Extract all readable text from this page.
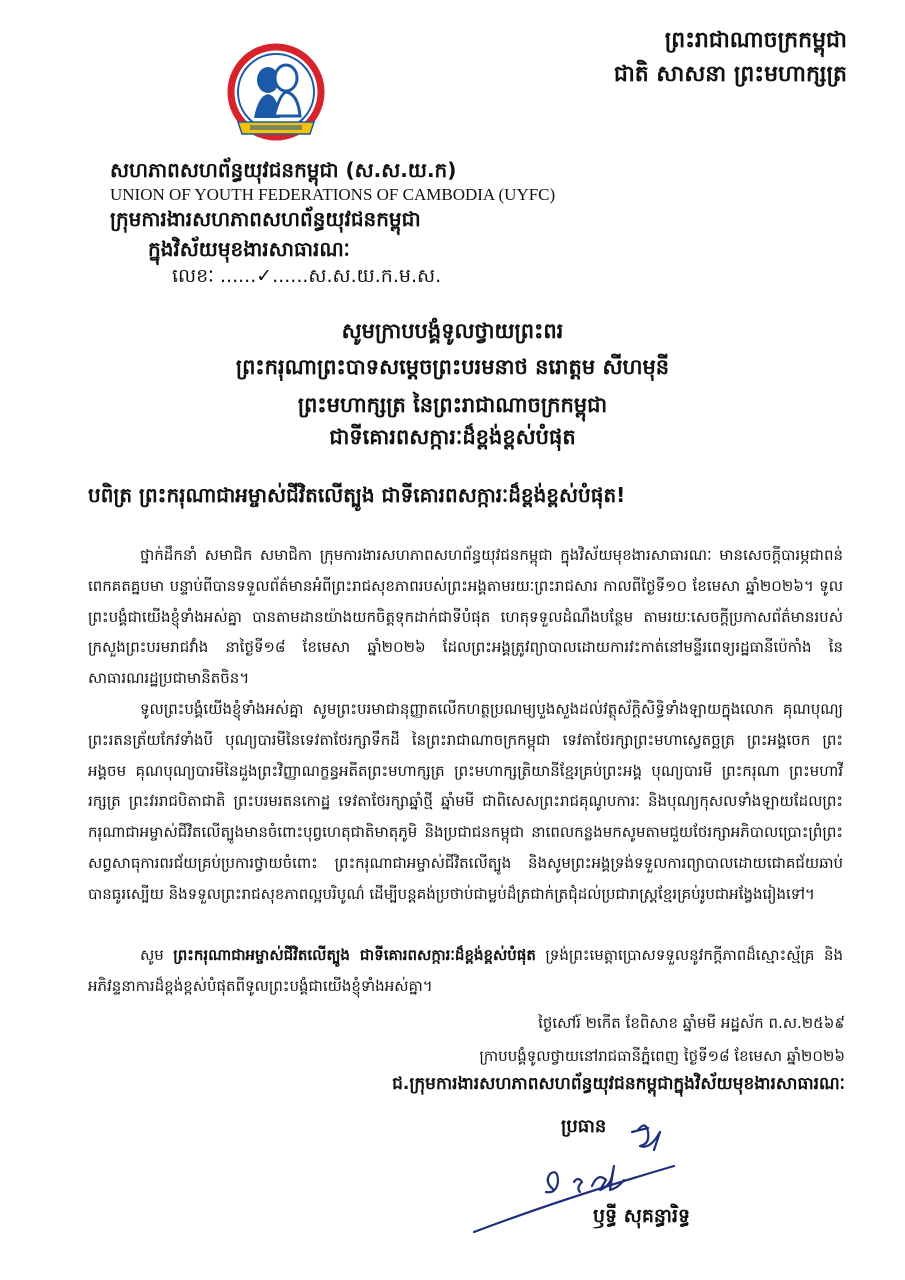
ព្រះរាជាណាចក្រកម្ពុជា
ជាតិ សាសនា ព្រះមហាក្សត្រ
សហភាពសហព័ន្ធយុវជនកម្ពុជា (ស.ស.យ.ក)
UNION OF YOUTH FEDERATIONS OF CAMBODIA (UYFC)
ក្រុមការងារសហភាពសហព័ន្ធយុវជនកម្ពុជា
ក្នុងវិស័យមុខងារសាធារណៈ
លេខៈ ......✓......ស.ស.យ.ក.ម.ស.
សូមក្រាបបង្គំទូលថ្វាយព្រះពរ
ព្រះករុណាព្រះបាទសម្តេចព្រះបរមនាថ នរោត្តម សីហមុនី
ព្រះមហាក្សត្រ នៃព្រះរាជាណាចក្រកម្ពុជា
ជាទីគោរពសក្ការៈដ៏ខ្ពង់ខ្ពស់បំផុត
បពិត្រ ព្រះករុណាជាអម្ចាស់ជីវិតលើត្បូង ជាទីគោរពសក្ការៈដ៏ខ្ពង់ខ្ពស់បំផុត!
ថ្នាក់ដឹកនាំ សមាជិក សមាជិកា ក្រុមការងារសហភាពសហព័ន្ធយុវជនកម្ពុជា ក្នុងវិស័យមុខងារសាធារណៈ មានសេចក្តីបារម្ភជាពន់ពេកគតគ្នបមា បន្ទាប់ពីបានទទួលព័ត៌មានអំពីព្រះរាជសុខភាពរបស់ព្រះអង្គតាមរយៈព្រះរាជសារ កាលពីថ្ងៃទី១០ ខែមេសា ឆ្នាំ២០២៦។ ទូលព្រះបង្គំជាយើងខ្ញុំទាំងអស់គ្នា បានតាមដានយ៉ាងយកចិត្តទុកដាក់ជាទីបំផុត ហេតុទទួលដំណឹងបន្ថែម តាមរយៈសេចក្តីប្រកាសព័ត៌មានរបស់ក្រសួងព្រះបរមរាជវាំង នាថ្ងៃទី១៨ ខែមេសា ឆ្នាំ២០២៦ ដែលព្រះអង្គត្រូវព្យាបាលដោយការវះកាត់នៅមន្ទីរពេទ្យរដ្ឋធានីប៉េកាំង នៃសាធារណរដ្ឋប្រជាមានិតចិន។
ទូលព្រះបង្គំយើងខ្ញុំទាំងអស់គ្នា សូមព្រះបរមាជានុញ្ញាតលើកហត្ថប្រណម្យបួងសួងដល់វត្ថុស័ក្តិសិទ្ធិទាំងឡាយក្នុងលោក គុណបុណ្យព្រះរតនត្រ័យកែវទាំងបី បុណ្យបារមីនៃទេវតាថែរក្សាទឹកដី នៃព្រះរាជាណាចក្រកម្ពុជា ទេវតាថែរក្សាព្រះមហាស្វេតច្ឆត្រ ព្រះអង្គចេក ព្រះអង្គចម គុណបុណ្យបារមីនៃដួងព្រះវិញ្ញាណក្ខន្ធអតីតព្រះមហាក្សត្រ ព្រះមហាក្សត្រិយានីខ្មែរគ្រប់ព្រះអង្គ បុណ្យបារមី ព្រះករុណា ព្រះមហាវីរក្សត្រ ព្រះវររាជបិតាជាតិ ព្រះបរមរតនកោដ្ឋ ទេវតាថែរក្សាឆ្នាំថ្មី ឆ្នាំមមី ជាពិសេសព្រះរាជគុណូបការៈ និងបុណ្យកុសលទាំងឡាយដែលព្រះករុណាជាអម្ចាស់ជីវិតលើត្បូងមានចំពោះបុព្វហេតុជាតិមាតុភូមិ និងប្រជាជនកម្ពុជា នាពេលកន្លងមកសូមតាមជួយថែរក្សាអភិបាលប្រោះព្រំព្រះសព្វសាធុការពរជ័យគ្រប់ប្រការថ្វាយចំពោះ ព្រះករុណាជាអម្ចាស់ជីវិតលើត្បូង និងសូមព្រះអង្គទ្រង់ទទួលការព្យាបាលដោយជោគជ័យឆាប់បានធូរស្បើយ និងទទួលព្រះរាជសុខភាពល្អបរិបូណ៌ ដើម្បីបន្តគង់ប្រថាប់ជាម្លប់ដ៏ត្រជាក់ត្រជុំដល់ប្រជារាស្ត្រខ្មែរគ្រប់រូបជាអង្វែងរៀងទៅ។
សូម ព្រះករុណាជាអម្ចាស់ជីវិតលើត្បូង ជាទីគោរពសក្ការៈដ៏ខ្ពង់ខ្ពស់បំផុត ទ្រង់ព្រះមេត្តាប្រោសទទួលនូវកក្តីភាពដ៏ស្មោះស្ម័គ្រ និងអភិវន្ទនាការដ៏ខ្ពង់ខ្ពស់បំផុតពីទូលព្រះបង្គំជាយើងខ្ញុំទាំងអស់គ្នា។
ថ្ងៃសៅរ៍ ២កើត ខែពិសាខ ឆ្នាំមមី អដ្ឋស័ក ព.ស.២៥៦៩
ក្រាបបង្គំទូលថ្វាយនៅរាជធានីភ្នំពេញ ថ្ងៃទី១៨ ខែមេសា ឆ្នាំ២០២៦
ជ.ក្រុមការងារសហភាពសហព័ន្ធយុវជនកម្ពុជាក្នុងវិស័យមុខងារសាធារណៈ
ប្រធាន
ឫទ្ធី សុគន្ធារិទ្ធ
